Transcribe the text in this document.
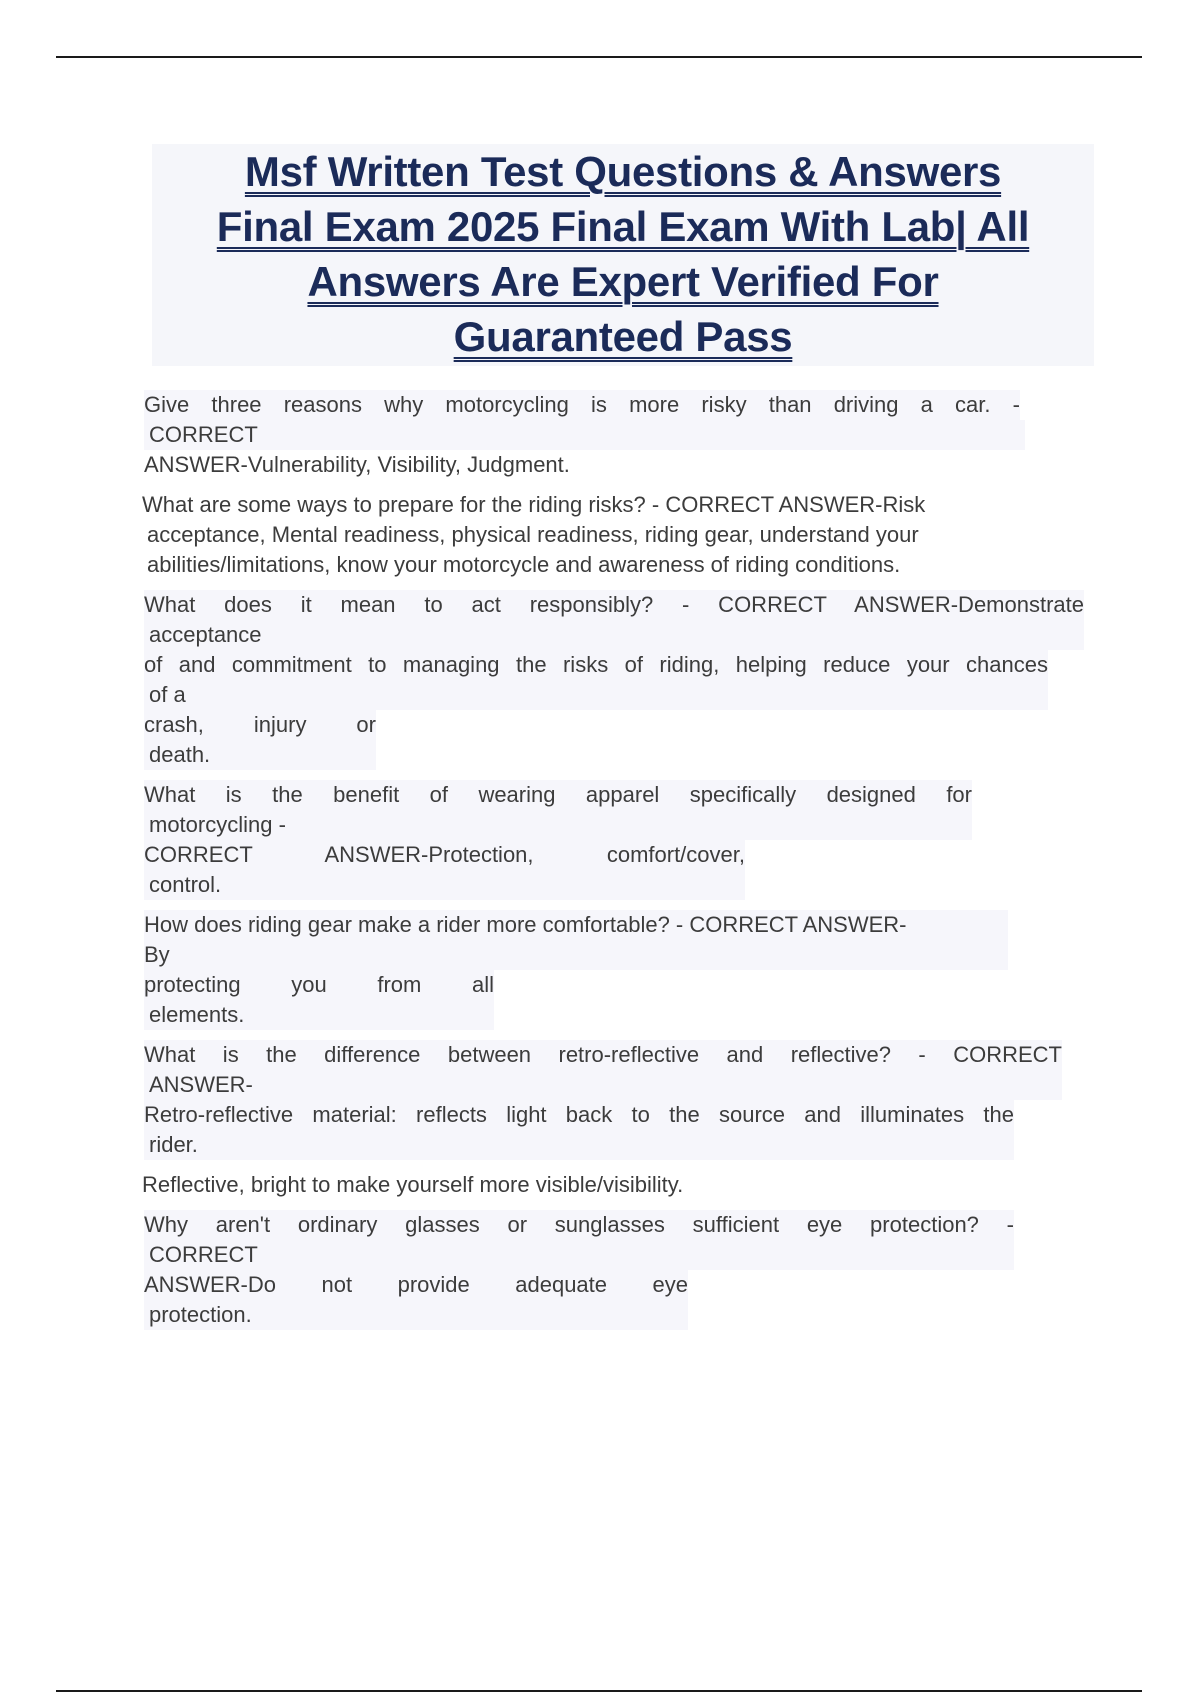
Msf Written Test Questions & Answers
Final Exam 2025 Final Exam With Lab| All
Answers Are Expert Verified For
Guaranteed Pass
Give three reasons why motorcycling is more risky than driving a car. -
CORRECT
ANSWER-Vulnerability, Visibility, Judgment.
What are some ways to prepare for the riding risks? - CORRECT ANSWER-Risk
acceptance, Mental readiness, physical readiness, riding gear, understand your
abilities/limitations, know your motorcycle and awareness of riding conditions.
What does it mean to act responsibly? - CORRECT ANSWER-Demonstrate
acceptance
of and commitment to managing the risks of riding, helping reduce your chances
of a
crash, injury or
death.
What is the benefit of wearing apparel specifically designed for
motorcycling -
CORRECT ANSWER-Protection, comfort/cover,
control.
How does riding gear make a rider more comfortable? - CORRECT ANSWER-
By
protecting you from all
elements.
What is the difference between retro-reflective and reflective? - CORRECT
ANSWER-
Retro-reflective material: reflects light back to the source and illuminates the
rider.
Reflective, bright to make yourself more visible/visibility.
Why aren't ordinary glasses or sunglasses sufficient eye protection? -
CORRECT
ANSWER-Do not provide adequate eye
protection.
